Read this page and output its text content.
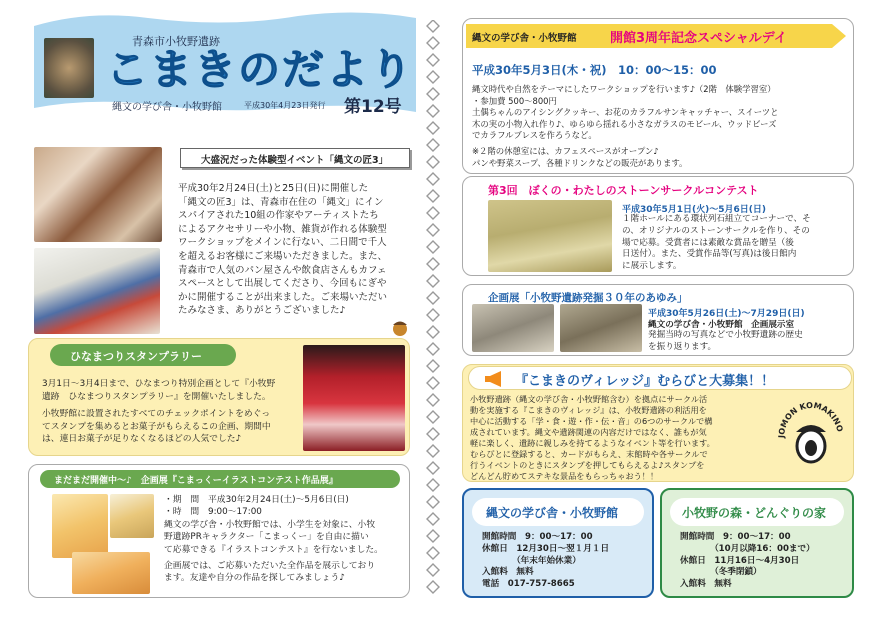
青森市小牧野遺跡
こまきのだより
縄文の学び舎・小牧野館	平成30年4月23日発行 第12号
大盛況だった体験型イベント「縄文の匠3」
平成30年2月24日(土)と25日(日)に開催した
「縄文の匠3」は、青森市在住の「縄文」にイン
スパイアされた10組の作家やアーティストたち
によるアクセサリーや小物、雑貨が作れる体験型
ワークショップをメインに行ない、二日間で千人
を超えるお客様にご来場いただきました。また、
青森市で人気のパン屋さんや飲食店さんもカフェ
スペースとして出展してくださり、今回もにぎや
かに開催することが出来ました。ご来場いただい
たみなさま、ありがとうございました♪
ひなまつりスタンプラリー
3月1日〜3月4日まで、ひなまつり特別企画として『小牧野
遺跡　ひなまつりスタンプラリー』を開催いたしました。
小牧野館に設置されたすべてのチェックポイントをめぐっ
てスタンプを集めるとお菓子がもらえるこの企画、期間中
は、連日お菓子が足りなくなるほどの人気でした♪
まだまだ開催中〜♪　企画展『こまっくーイラストコンテスト作品展』
・期　間　平成30年2月24日(土)〜5月6日(日)
・時　間　9:00〜17:00
縄文の学び舎・小牧野館では、小学生を対象に、小牧
野遺跡PRキャラクター「こまっくー」を自由に描い
て応募できる『イラストコンテスト』を行ないました。
企画展では、ご応募いただいた全作品を展示しており
ます。友達や自分の作品を探してみましょう♪
縄文の学び舎・小牧野館	開館3周年記念スペシャルデイ
平成30年5月3日(木・祝)　10：00〜15：00
縄文時代や自然をテーマにしたワークショップを行います♪（2階　体験学習室）
・参加費 500〜800円
土偶ちゃんのアイシングクッキー、お花のカラフルサンキャッチャー、スイーツと
木の実の小物入れ作り♪、ゆらゆら揺れる小さなガラスのモビール、ウッドビーズ
でカラフルブレスを作ろうなど。
※２階の休憩室には、カフェスペースがオープン♪
パンや野菜スープ、各種ドリンクなどの販売があります。
第3回　ぼくの・わたしのストーンサークルコンテスト
平成30年5月1日(火)〜5月6日(日)
１階ホールにある環状列石組立てコーナーで、そ
の、オリジナルのストーンサークルを作り、その
場で応募。受賞者には素敵な賞品を贈呈（後
日送付）。また、受賞作品等(写真)は後日館内
に展示します。
企画展「小牧野遺跡発掘３０年のあゆみ」
平成30年5月26日(土)〜7月29日(日)
縄文の学び舎・小牧野館　企画展示室
発掘当時の写真などで小牧野遺跡の歴史
を振り返ります。
『こまきのヴィレッジ』むらびと大募集！！
小牧野遺跡（縄文の学び舎・小牧野館含む）を拠点にサークル活
動を実施する『こまきのヴィレッジ』は、小牧野遺跡の利活用を
中心に活動する「学・食・遊・作・伝・音」の6つのサークルで構
成されています。縄文や遺跡関連の内容だけではなく、誰もが気
軽に楽しく、遺跡に親しみを持てるようなイベント等を行います。
むらびとに登録すると、カードがもらえ、末館時や各サークルで
行うイベントのときにスタンプを押してもらえるよ♪スタンプを
どんどん貯めてステキな景品をもらっちゃおう！！
JOMON KOMAKINO
縄文の学び舎・小牧野館
開館時間　9：00〜17：00
休館日　12月30日〜翌１月１日
　　　　（年末年始休業）
入館料　無料
電話　017-757-8665
小牧野の森・どんぐりの家
開館時間　9：00〜17：00
　　　　（10月以降16：00まで）
休館日　11月16日〜4月30日
　　　　（冬季閉鎖）
入館料　無料
